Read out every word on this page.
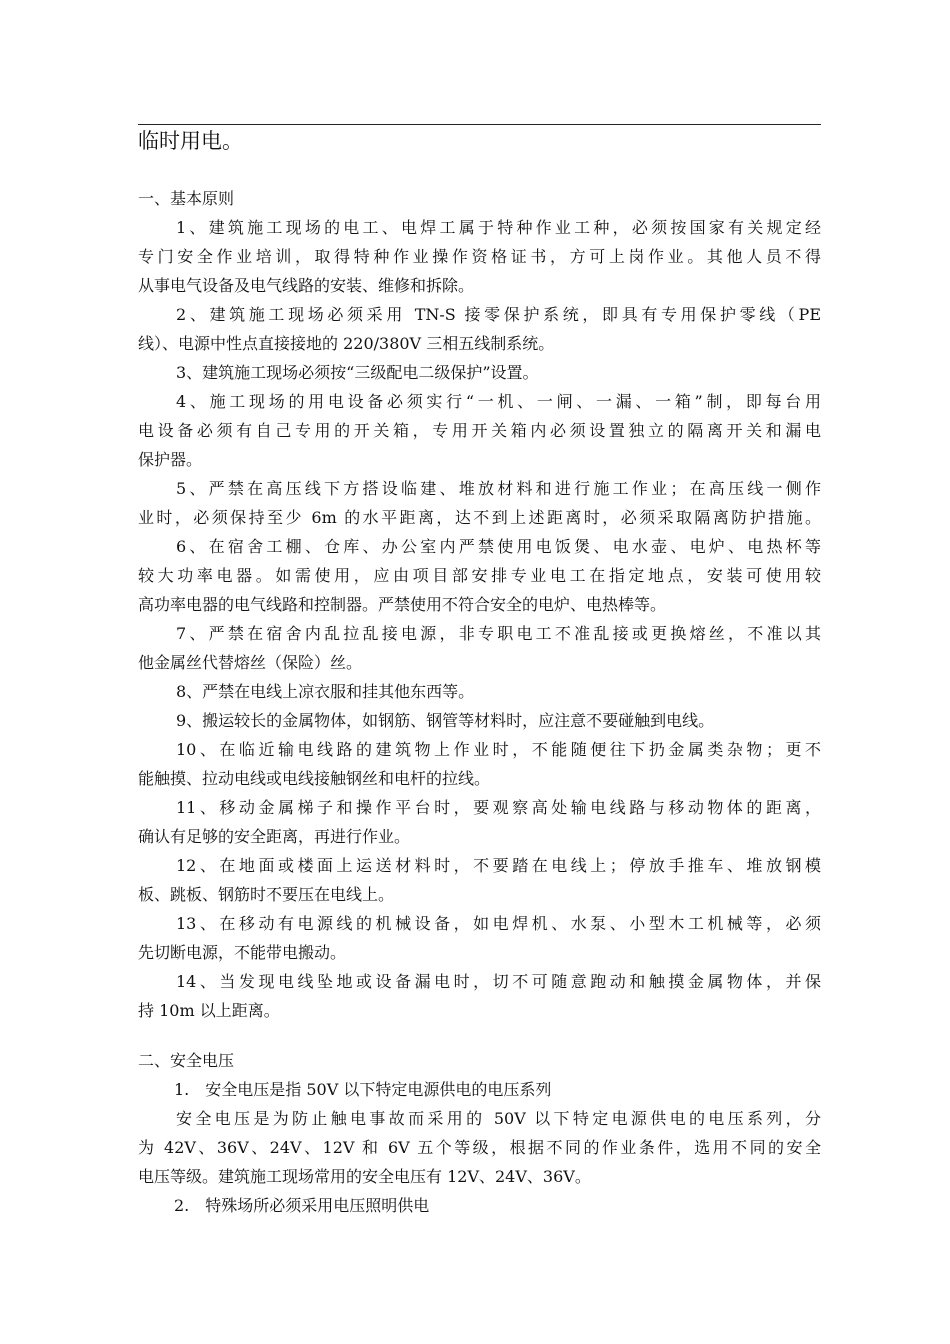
临时用电。
一、基本原则
1、建筑施工现场的电工、电焊工属于特种作业工种，必须按国家有关规定经
专门安全作业培训，取得特种作业操作资格证书，方可上岗作业。其他人员不得
从事电气设备及电气线路的安装、维修和拆除。
2、建筑施工现场必须采用 TN-S 接零保护系统，即具有专用保护零线（PE
线）、电源中性点直接接地的 220/380V 三相五线制系统。
3、建筑施工现场必须按“三级配电二级保护”设置。
4、施工现场的用电设备必须实行“一机、一闸、一漏、一箱”制，即每台用
电设备必须有自己专用的开关箱，专用开关箱内必须设置独立的隔离开关和漏电
保护器。
5、严禁在高压线下方搭设临建、堆放材料和进行施工作业；在高压线一侧作
业时，必须保持至少 6m 的水平距离，达不到上述距离时，必须采取隔离防护措施。
6、在宿舍工棚、仓库、办公室内严禁使用电饭煲、电水壶、电炉、电热杯等
较大功率电器。如需使用，应由项目部安排专业电工在指定地点，安装可使用较
高功率电器的电气线路和控制器。严禁使用不符合安全的电炉、电热棒等。
7、严禁在宿舍内乱拉乱接电源，非专职电工不准乱接或更换熔丝，不准以其
他金属丝代替熔丝（保险）丝。
8、严禁在电线上凉衣服和挂其他东西等。
9、搬运较长的金属物体，如钢筋、钢管等材料时，应注意不要碰触到电线。
10、在临近输电线路的建筑物上作业时，不能随便往下扔金属类杂物；更不
能触摸、拉动电线或电线接触钢丝和电杆的拉线。
11、移动金属梯子和操作平台时，要观察高处输电线路与移动物体的距离，
确认有足够的安全距离，再进行作业。
12、在地面或楼面上运送材料时，不要踏在电线上；停放手推车、堆放钢模
板、跳板、钢筋时不要压在电线上。
13、在移动有电源线的机械设备，如电焊机、水泵、小型木工机械等，必须
先切断电源，不能带电搬动。
14、当发现电线坠地或设备漏电时，切不可随意跑动和触摸金属物体，并保
持 10m 以上距离。
二、安全电压
1.　安全电压是指 50V 以下特定电源供电的电压系列
安全电压是为防止触电事故而采用的 50V 以下特定电源供电的电压系列，分
为 42V、36V、24V、12V 和 6V 五个等级，根据不同的作业条件，选用不同的安全
电压等级。建筑施工现场常用的安全电压有 12V、24V、36V。
2.　特殊场所必须采用电压照明供电
